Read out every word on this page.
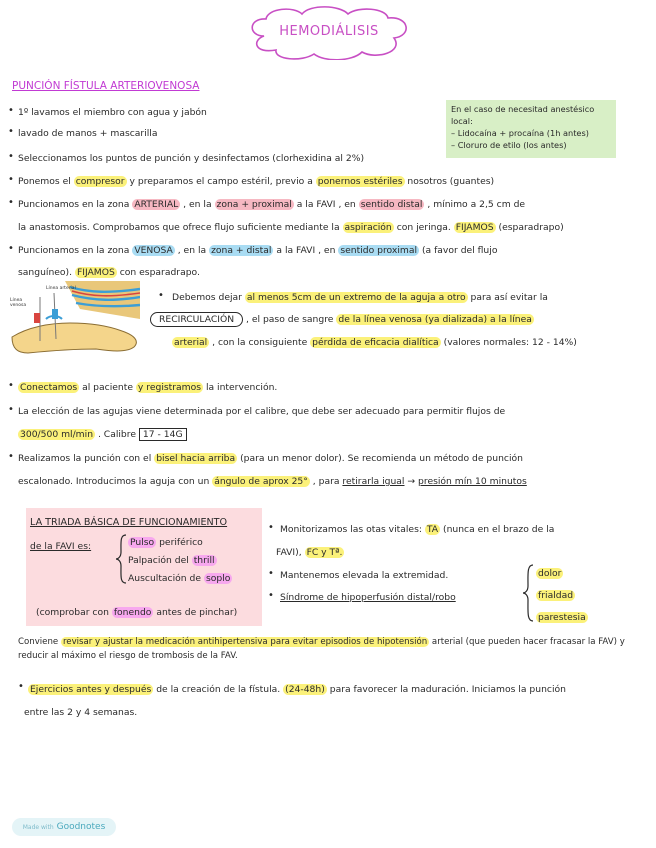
HEMODIÁLISIS
PUNCIÓN FÍSTULA ARTERIOVENOSA
En el caso de necesitad anestésico
local:
– Lidocaína + procaína (1h antes)
– Cloruro de etilo (los antes)
• 1º lavamos el miembro con agua y jabón
• lavado de manos + mascarilla
• Seleccionamos los puntos de punción y desinfectamos (clorhexidina al 2%)
• Ponemos el compresor y preparamos el campo estéril, previo a ponernos estériles nosotros (guantes)
• Puncionamos en la zona ARTERIAL , en la zona + proximal a la FAVI , en sentido distal , mínimo a 2,5 cm de
la anastomosis. Comprobamos que ofrece flujo suficiente mediante la aspiración con jeringa. FIJAMOS (esparadrapo)
• Puncionamos en la zona VENOSA , en la zona + distal a la FAVI , en sentido proximal (a favor del flujo
sanguíneo). FIJAMOS con esparadrapo.
Línea
venosa
Línea arterial
• Debemos dejar al menos 5cm de un extremo de la aguja a otro para así evitar la
RECIRCULACIÓN , el paso de sangre de la línea venosa (ya dializada) a la línea
arterial , con la consiguiente pérdida de eficacia dialítica (valores normales: 12 - 14%)
• Conectamos al paciente y registramos la intervención.
• La elección de las agujas viene determinada por el calibre, que debe ser adecuado para permitir flujos de
300/500 ml/min . Calibre 17 - 14G
• Realizamos la punción con el bisel hacia arriba (para un menor dolor). Se recomienda un método de punción
escalonado. Introducimos la aguja con un ángulo de aprox 25° , para retirarla igual → presión mín 10 minutos
LA TRIADA BÁSICA DE FUNCIONAMIENTO
de la FAVI es:	Pulso periférico
Palpación del thrill
Auscultación de soplo
(comprobar con fonendo antes de pinchar)
• Monitorizamos las otas vitales: TA (nunca en el brazo de la
FAVI), FC y Tª.
• Mantenemos elevada la extremidad.
• Síndrome de hipoperfusión distal/robo
dolor
frialdad
parestesia
Conviene revisar y ajustar la medicación antihipertensiva para evitar episodios de hipotensión arterial (que pueden hacer fracasar la FAV) y
reducir al máximo el riesgo de trombosis de la FAV.
• Ejercicios antes y después de la creación de la fístula. (24-48h) para favorecer la maduración. Iniciamos la punción
entre las 2 y 4 semanas.
Made with Goodnotes
